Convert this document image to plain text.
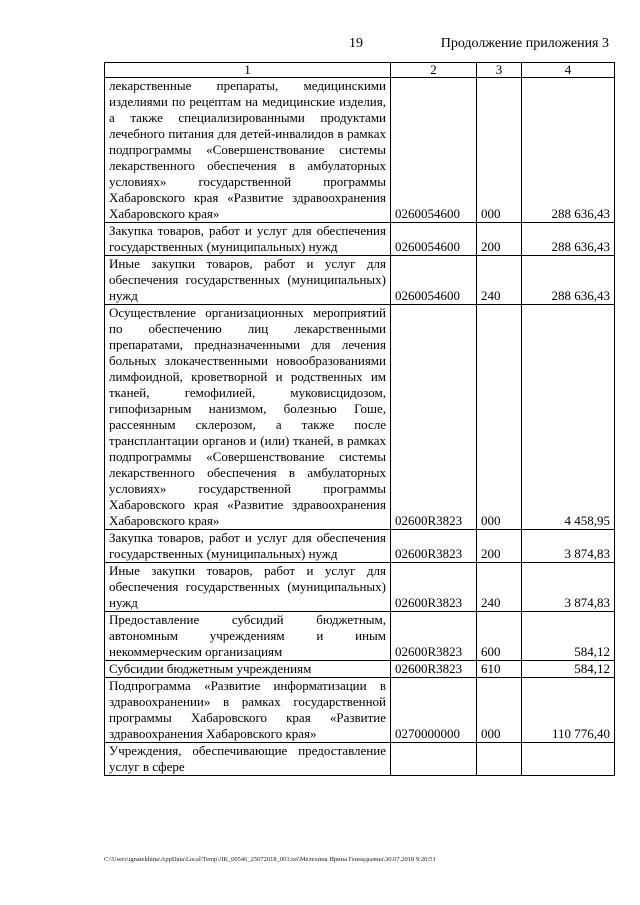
19	Продолжение приложения 3
1	2	3	4
лекарственные препараты, медицинскими изделиями по рецептам на медицинские изделия, а также специализированными продуктами лечебного питания для детей-инвалидов в рамках подпрограммы «Совершенствование системы лекарственного обеспечения в амбулаторных условиях» государственной программы Хабаровского края «Развитие здравоохранения Хабаровского края»	0260054600	000	288 636,43
Закупка товаров, работ и услуг для обеспечения государственных (муниципальных) нужд	0260054600	200	288 636,43
Иные закупки товаров, работ и услуг для обеспечения государственных (муниципальных) нужд	0260054600	240	288 636,43
Осуществление организационных мероприятий по обеспечению лиц лекарственными препаратами, предназначенными для лечения больных злокачественными новообразованиями лимфоидной, кроветворной и родственных им тканей, гемофилией, муковисцидозом, гипофизарным нанизмом, болезнью Гоше, рассеянным склерозом, а также после трансплантации органов и (или) тканей, в рамках подпрограммы «Совершенствование системы лекарственного обеспечения в амбулаторных условиях» государственной программы Хабаровского края «Развитие здравоохранения Хабаровского края»	02600R3823	000	4 458,95
Закупка товаров, работ и услуг для обеспечения государственных (муниципальных) нужд	02600R3823	200	3 874,83
Иные закупки товаров, работ и услуг для обеспечения государственных (муниципальных) нужд	02600R3823	240	3 874,83
Предоставление субсидий бюджетным, автономным учреждениям и иным некоммерческим организациям	02600R3823	600	584,12
Субсидии бюджетным учреждениям	02600R3823	610	584,12
Подпрограмма «Развитие информатизации в здравоохранении» в рамках государственной программы Хабаровского края «Развитие здравоохранения Хабаровского края»	0270000000	000	110 776,40
Учреждения, обеспечивающие предоставление услуг в сфере			
C:\Users\ignatekhina\AppData\Local\Temp\ЛК_00546_25072018_003.txt\Мелехина Ирина Геннадьевна\30.07.2018 9:20:51
